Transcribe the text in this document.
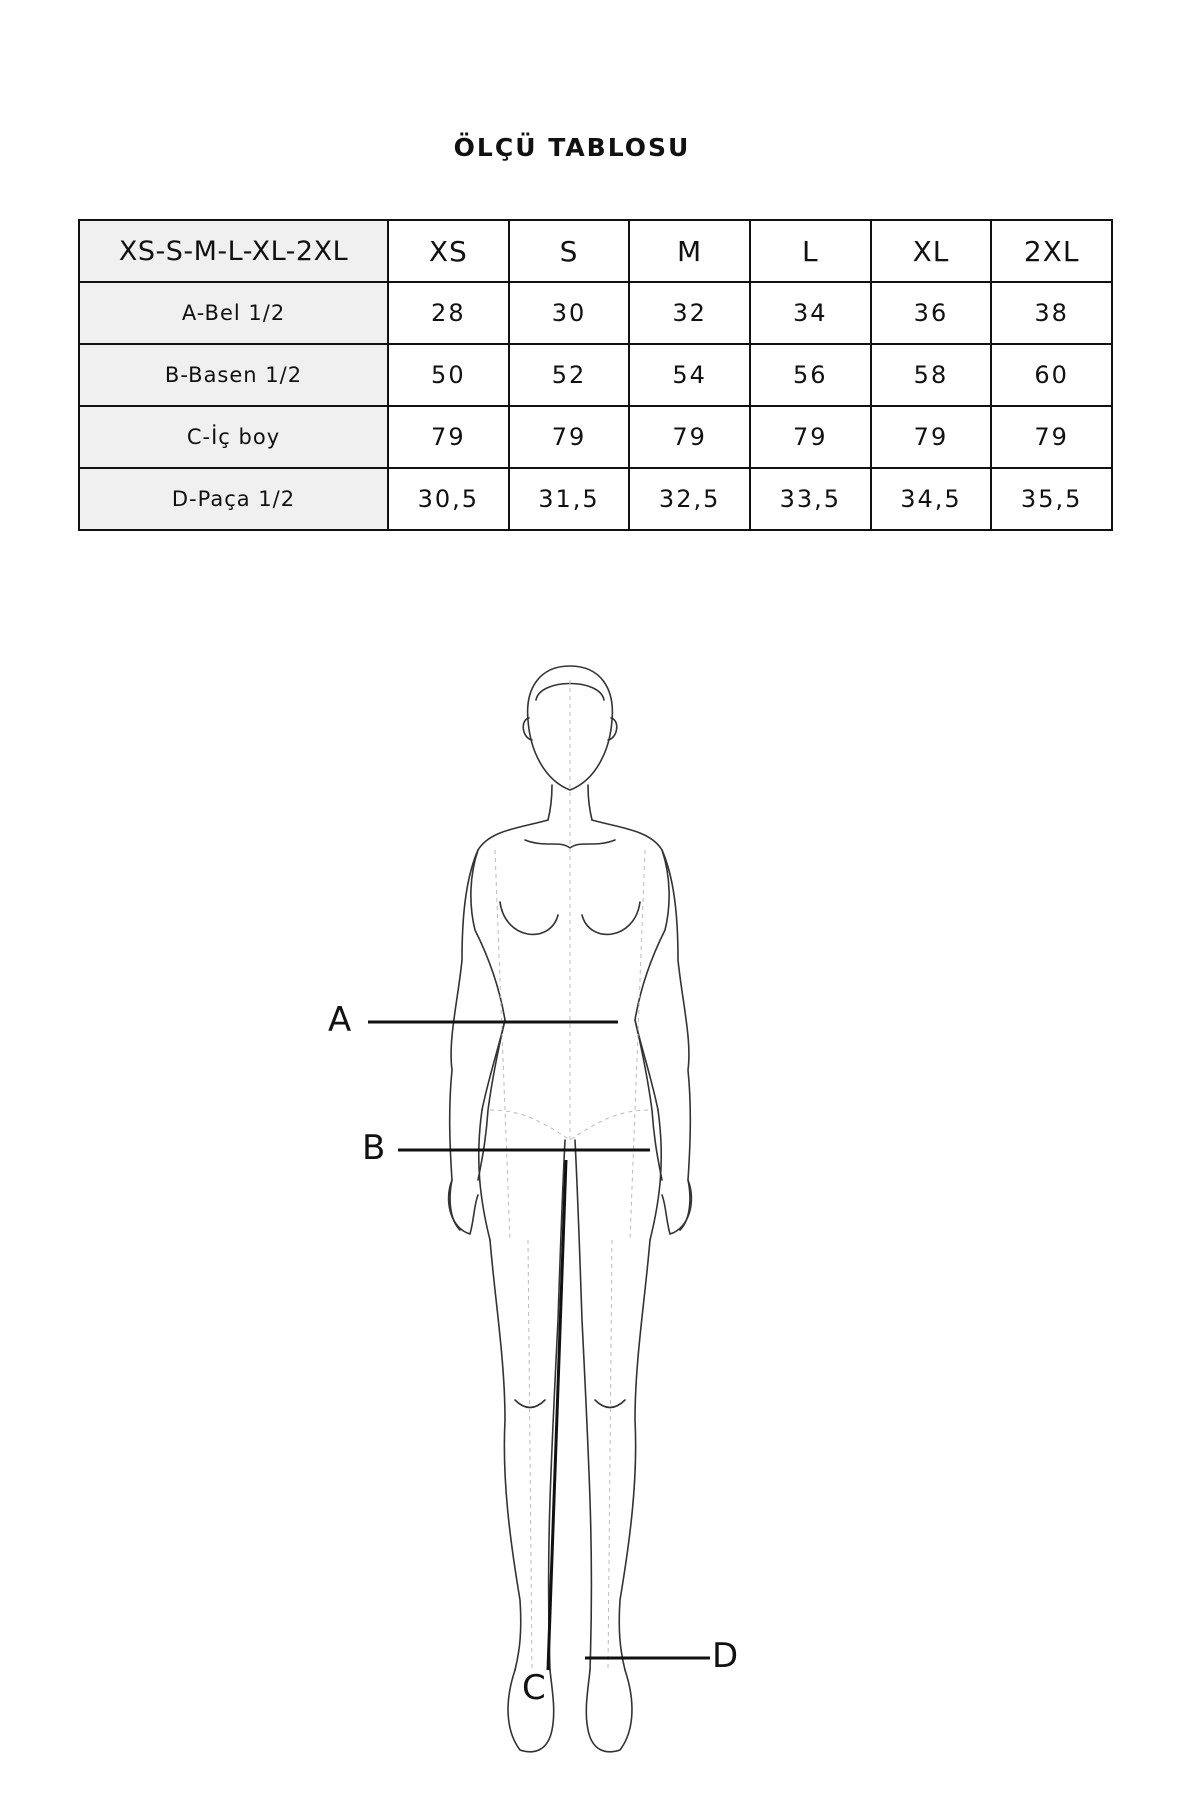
ÖLÇÜ TABLOSU
XS-S-M-L-XL-2XL	XS	S	M	L	XL	2XL
A-Bel 1/2	28	30	32	34	36	38
B-Basen 1/2	50	52	54	56	58	60
C-İç boy	79	79	79	79	79	79
D-Paça 1/2	30,5	31,5	32,5	33,5	34,5	35,5
A
B
C
D
